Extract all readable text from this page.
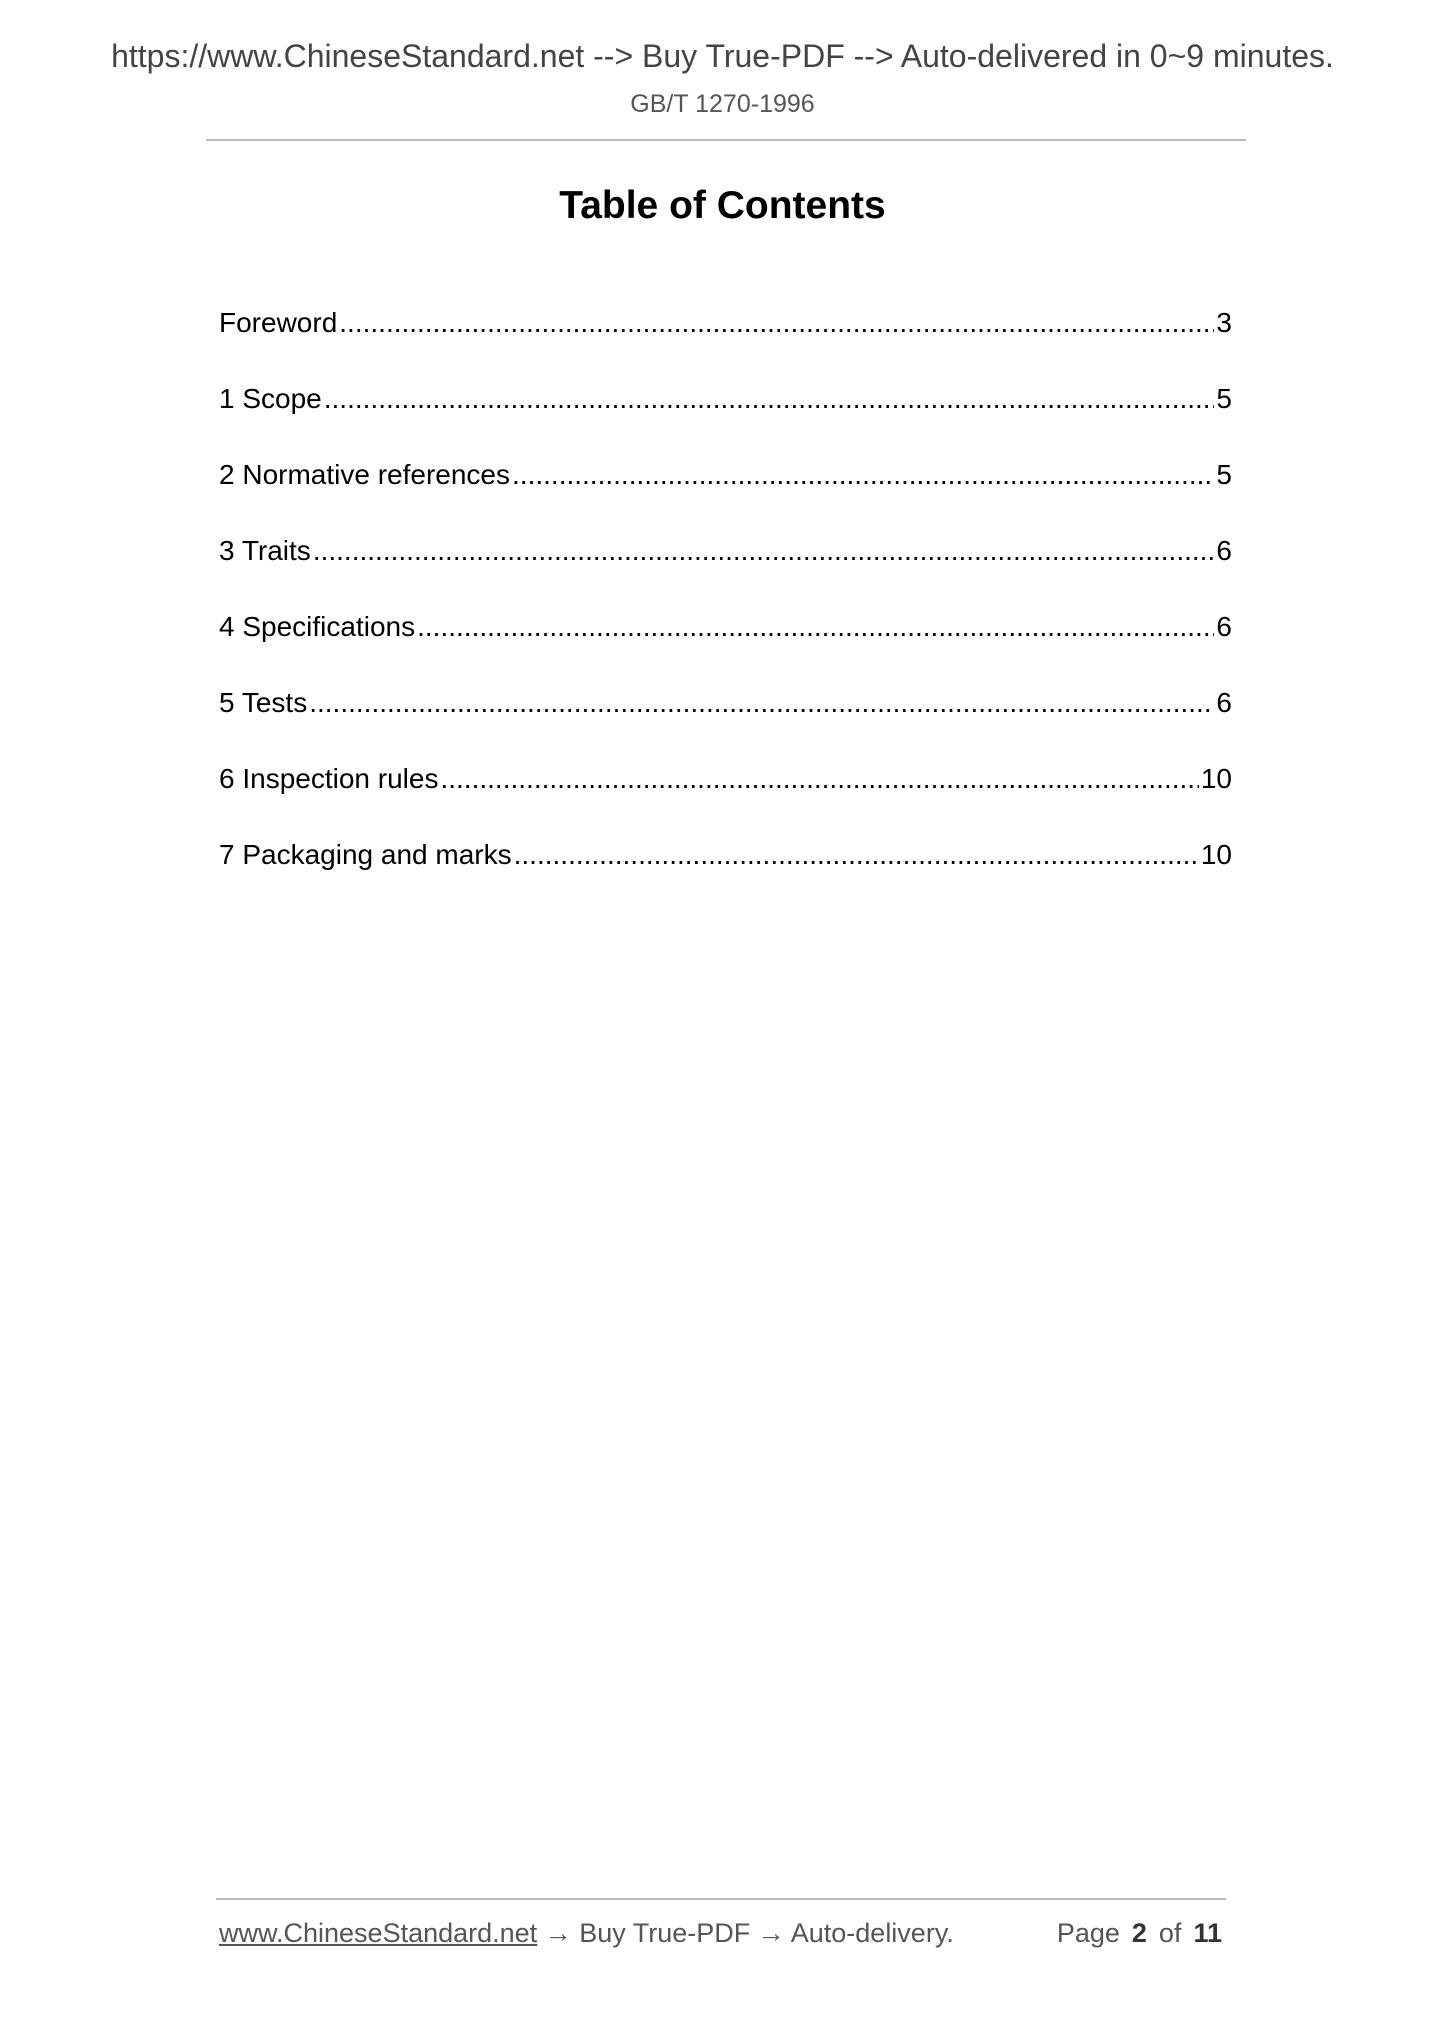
https://www.ChineseStandard.net --> Buy True-PDF --> Auto-delivered in 0~9 minutes.
GB/T 1270-1996
Table of Contents
Foreword .....	3
1 Scope .....	5
2 Normative references .....	5
3 Traits .....	6
4 Specifications .....	6
5 Tests .....	6
6 Inspection rules .....	10
7 Packaging and marks .....	10
www.ChineseStandard.net → Buy True-PDF → Auto-delivery.	Page 2 of 11
